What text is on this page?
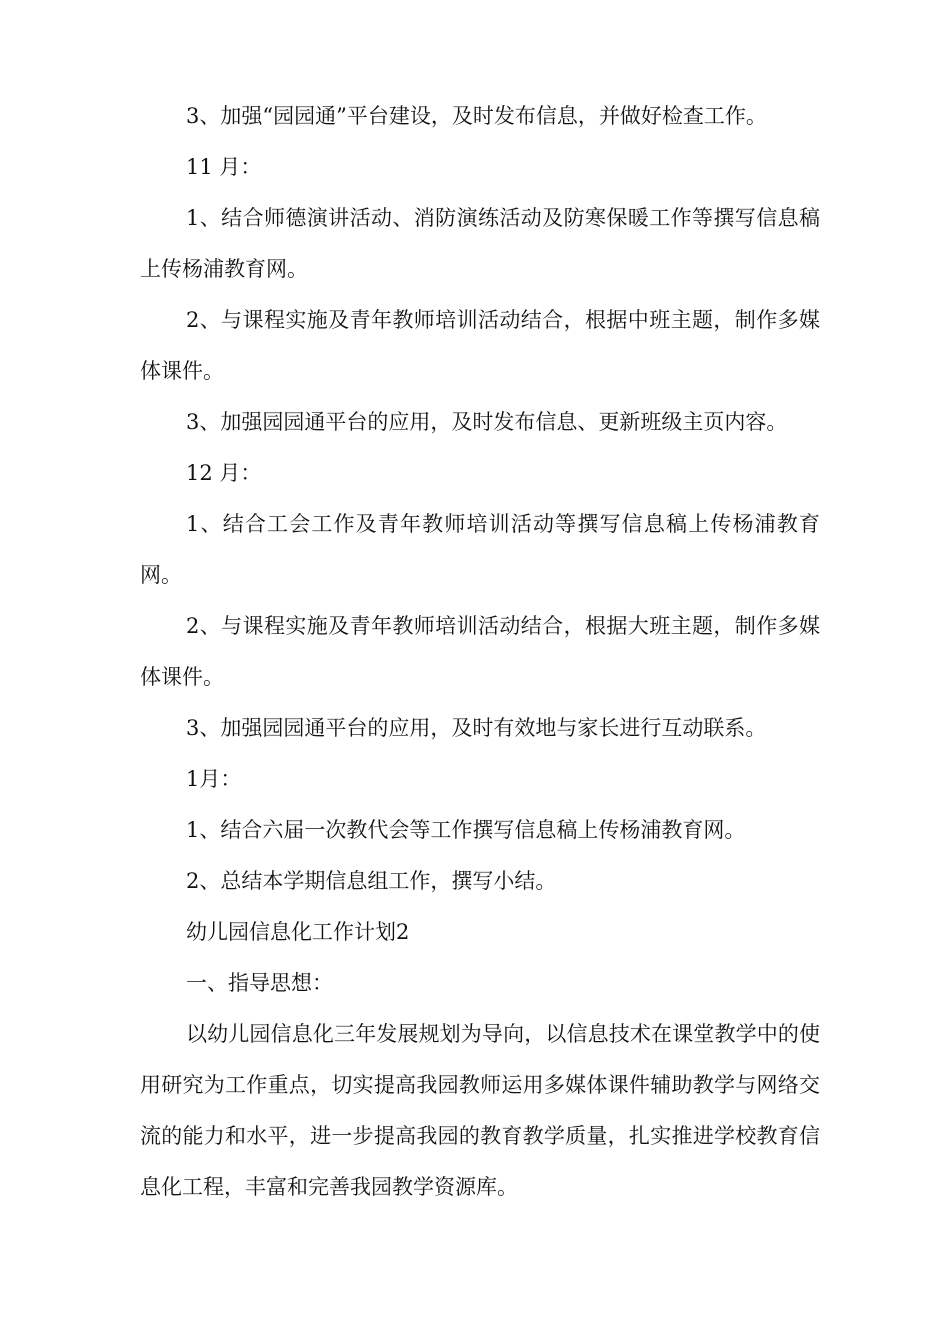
3、加强“园园通”平台建设，及时发布信息，并做好检查工作。

11 月：

1、结合师德演讲活动、消防演练活动及防寒保暖工作等撰写信息稿上传杨浦教育网。

2、与课程实施及青年教师培训活动结合，根据中班主题，制作多媒体课件。

3、加强园园通平台的应用，及时发布信息、更新班级主页内容。

12 月：

1、结合工会工作及青年教师培训活动等撰写信息稿上传杨浦教育网。

2、与课程实施及青年教师培训活动结合，根据大班主题，制作多媒体课件。

3、加强园园通平台的应用，及时有效地与家长进行互动联系。

1月：

1、结合六届一次教代会等工作撰写信息稿上传杨浦教育网。

2、总结本学期信息组工作，撰写小结。

幼儿园信息化工作计划2

一、指导思想：

以幼儿园信息化三年发展规划为导向，以信息技术在课堂教学中的使用研究为工作重点，切实提高我园教师运用多媒体课件辅助教学与网络交流的能力和水平，进一步提高我园的教育教学质量，扎实推进学校教育信息化工程，丰富和完善我园教学资源库。
